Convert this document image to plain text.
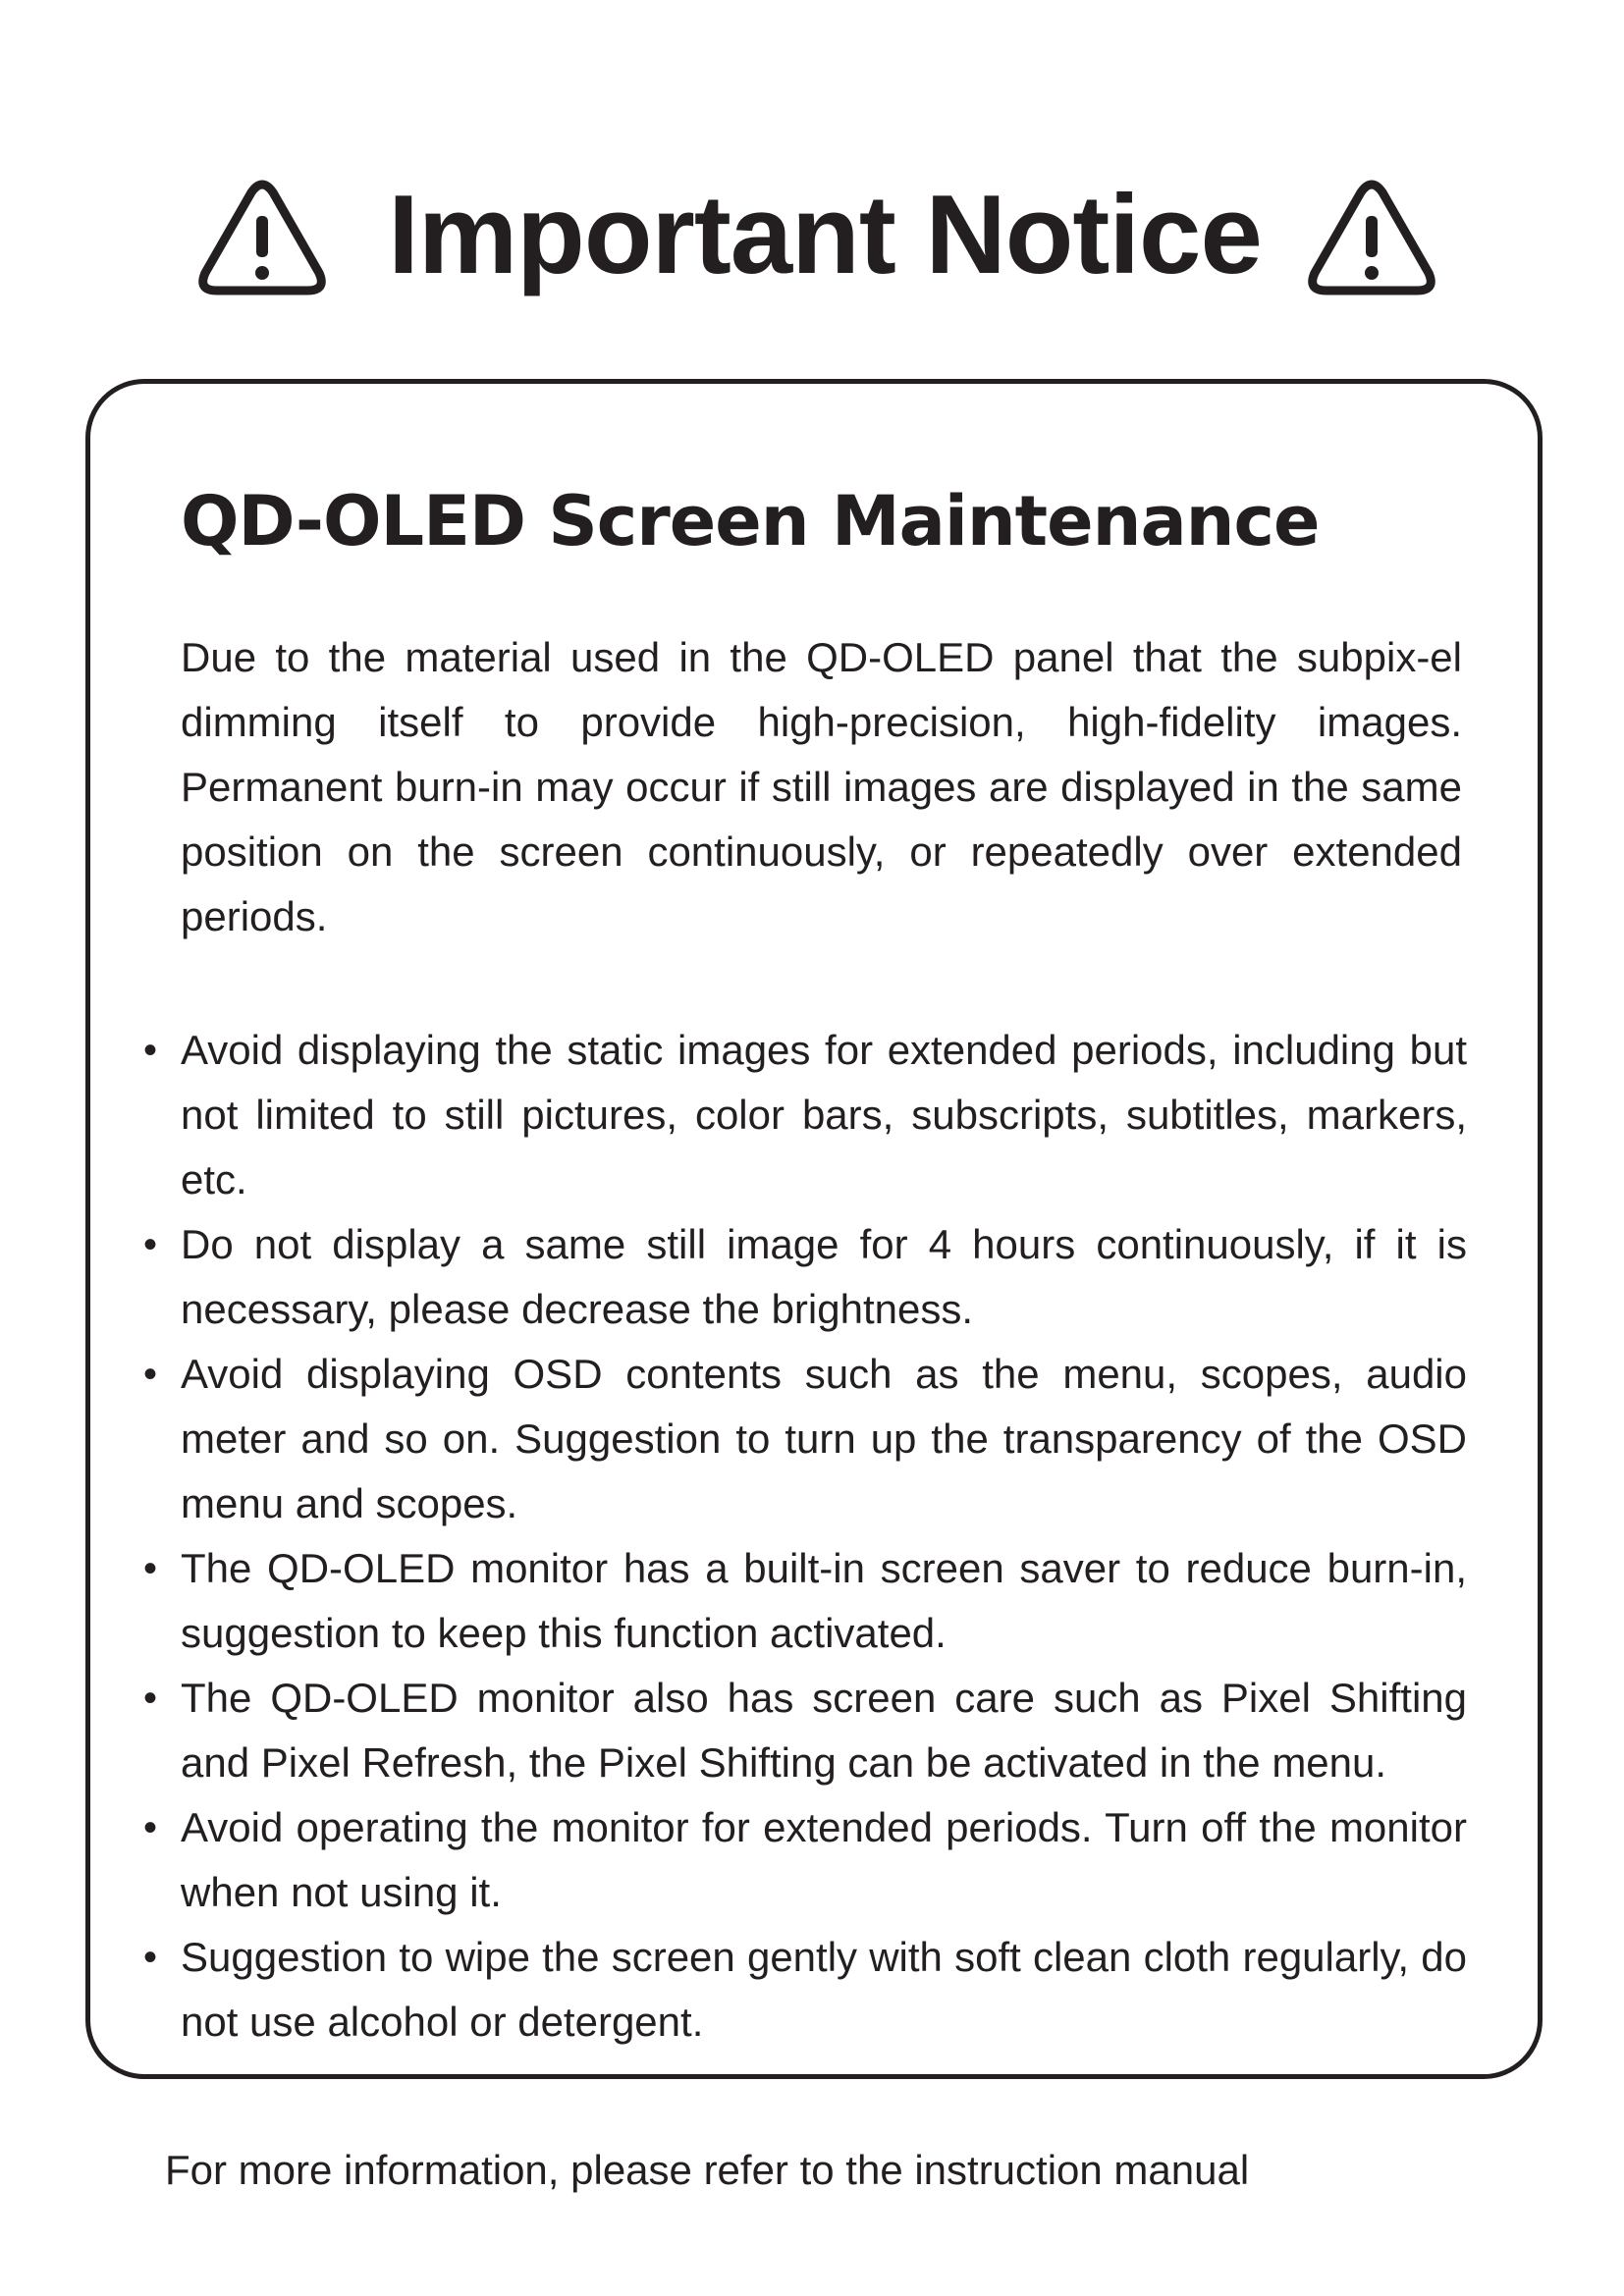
Important Notice
QD-OLED Screen Maintenance

Due to the material used in the QD-OLED panel that the subpix-el dimming itself to provide high-precision, high-fidelity images. Permanent burn-in may occur if still images are displayed in the same position on the screen continuously, or repeatedly over extended periods.

• Avoid displaying the static images for extended periods, including but not limited to still pictures, color bars, subscripts, subtitles, markers, etc.
• Do not display a same still image for 4 hours continuously, if it is necessary, please decrease the brightness.
• Avoid displaying OSD contents such as the menu, scopes, audio meter and so on. Suggestion to turn up the transparency of the OSD menu and scopes.
• The QD-OLED monitor has a built-in screen saver to reduce burn-in, suggestion to keep this function activated.
• The QD-OLED monitor also has screen care such as Pixel Shifting and Pixel Refresh, the Pixel Shifting can be activated in the menu.
• Avoid operating the monitor for extended periods. Turn off the monitor when not using it.
• Suggestion to wipe the screen gently with soft clean cloth regularly, do not use alcohol or detergent.

For more information, please refer to the instruction manual
